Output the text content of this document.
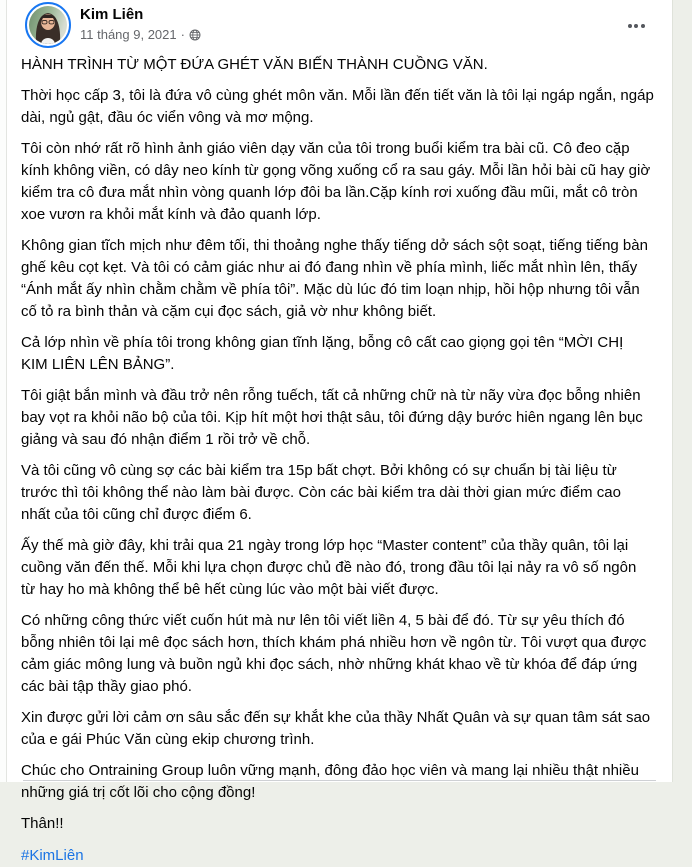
Kim Liên
11 tháng 9, 2021 ·

HÀNH TRÌNH TỪ MỘT ĐỨA GHÉT VĂN BIẾN THÀNH CUỒNG VĂN.

Thời học cấp 3, tôi là đứa vô cùng ghét môn văn. Mỗi lần đến tiết văn là tôi lại ngáp ngắn, ngáp dài, ngủ gật, đầu óc viển vông và mơ mộng.

Tôi còn nhớ rất rõ hình ảnh giáo viên dạy văn của tôi trong buổi kiểm tra bài cũ. Cô đeo cặp kính không viền, có dây neo kính từ gọng võng xuống cổ ra sau gáy. Mỗi lần hỏi bài cũ hay giờ kiểm tra cô đưa mắt nhìn vòng quanh lớp đôi ba lần.Cặp kính rơi xuống đầu mũi, mắt cô tròn xoe vươn ra khỏi mắt kính và đảo quanh lớp.

Không gian tĩch mịch như đêm tối, thi thoảng nghe thấy tiếng dở sách sột soạt, tiếng tiếng bàn ghế kêu cọt kẹt. Và tôi có cảm giác như ai đó đang nhìn về phía mình, liếc mắt nhìn lên, thấy “Ánh mắt ấy nhìn chằm chằm về phía tôi”. Mặc dù lúc đó tim loạn nhịp, hồi hộp nhưng tôi vẫn cố tỏ ra bình thản và cặm cụi đọc sách, giả vờ như không biết.

Cả lớp nhìn về phía tôi trong không gian tĩnh lặng, bỗng cô cất cao giọng gọi tên “MỜI CHỊ KIM LIÊN LÊN BẢNG”.

Tôi giật bắn mình và đầu trở nên rỗng tuếch, tất cả những chữ nà từ nãy vừa đọc bỗng nhiên bay vọt ra khỏi não bộ của tôi. Kịp hít một hơi thật sâu, tôi đứng dậy bước hiên ngang lên bục giảng và sau đó nhận điểm 1 rồi trở về chỗ.

Và tôi cũng vô cùng sợ các bài kiểm tra 15p bất chợt. Bởi không có sự chuẩn bị tài liệu từ trước thì tôi không thể nào làm bài được. Còn các bài kiểm tra dài thời gian mức điểm cao nhất của tôi cũng chỉ được điểm 6.

Ấy thế mà giờ đây, khi trải qua 21 ngày trong lớp học “Master content” của thầy quân, tôi lại cuồng văn đến thế. Mỗi khi lựa chọn được chủ đề nào đó, trong đầu tôi lại nảy ra vô số ngôn từ hay ho mà không thể bê hết cùng lúc vào một bài viết được.

Có những công thức viết cuốn hút mà nư lên tôi viết liền 4, 5 bài để đó. Từ sự yêu thích đó bỗng nhiên tôi lại mê đọc sách hơn, thích khám phá nhiều hơn về ngôn từ. Tôi vượt qua được cảm giác mông lung và buồn ngủ khi đọc sách, nhờ những khát khao về từ khóa để đáp ứng các bài tập thầy giao phó.

Xin được gửi lời cảm ơn sâu sắc đến sự khắt khe của thầy Nhất Quân và sự quan tâm sát sao của e gái Phúc Văn cùng ekip chương trình.

Chúc cho Ontraining Group luôn vững mạnh, đông đảo học viên và mang lại nhiều thật nhiều những giá trị cốt lõi cho cộng đồng!

Thân!!

#KimLiên
